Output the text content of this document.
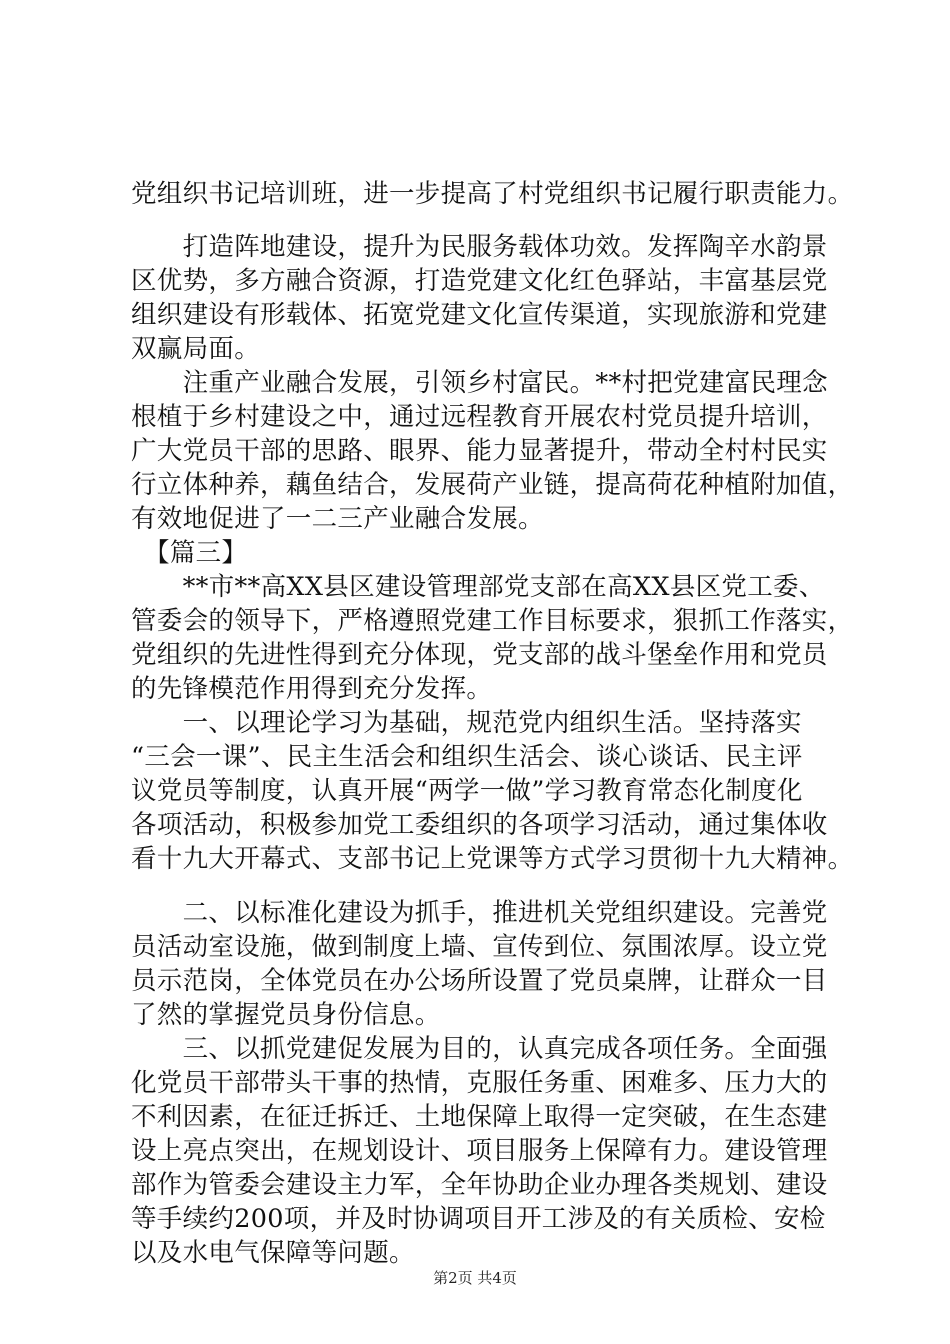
党组织书记培训班，进一步提高了村党组织书记履行职责能力。
　　打造阵地建设，提升为民服务载体功效。发挥陶辛水韵景
区优势，多方融合资源，打造党建文化红色驿站，丰富基层党
组织建设有形载体、拓宽党建文化宣传渠道，实现旅游和党建
双赢局面。
　　注重产业融合发展，引领乡村富民。**村把党建富民理念
根植于乡村建设之中，通过远程教育开展农村党员提升培训，
广大党员干部的思路、眼界、能力显著提升，带动全村村民实
行立体种养，藕鱼结合，发展荷产业链，提高荷花种植附加值，
有效地促进了一二三产业融合发展。
　【篇三】
　　**市**高XX县区建设管理部党支部在高XX县区党工委、
管委会的领导下，严格遵照党建工作目标要求，狠抓工作落实，
党组织的先进性得到充分体现，党支部的战斗堡垒作用和党员
的先锋模范作用得到充分发挥。
　　一、以理论学习为基础，规范党内组织生活。坚持落实
“三会一课”、民主生活会和组织生活会、谈心谈话、民主评
议党员等制度，认真开展“两学一做”学习教育常态化制度化
各项活动，积极参加党工委组织的各项学习活动，通过集体收
看十九大开幕式、支部书记上党课等方式学习贯彻十九大精神。
　　二、以标准化建设为抓手，推进机关党组织建设。完善党
员活动室设施，做到制度上墙、宣传到位、氛围浓厚。设立党
员示范岗，全体党员在办公场所设置了党员桌牌，让群众一目
了然的掌握党员身份信息。
　　三、以抓党建促发展为目的，认真完成各项任务。全面强
化党员干部带头干事的热情，克服任务重、困难多、压力大的
不利因素，在征迁拆迁、土地保障上取得一定突破，在生态建
设上亮点突出，在规划设计、项目服务上保障有力。建设管理
部作为管委会建设主力军，全年协助企业办理各类规划、建设
等手续约200项，并及时协调项目开工涉及的有关质检、安检
以及水电气保障等问题。
第2页 共4页
